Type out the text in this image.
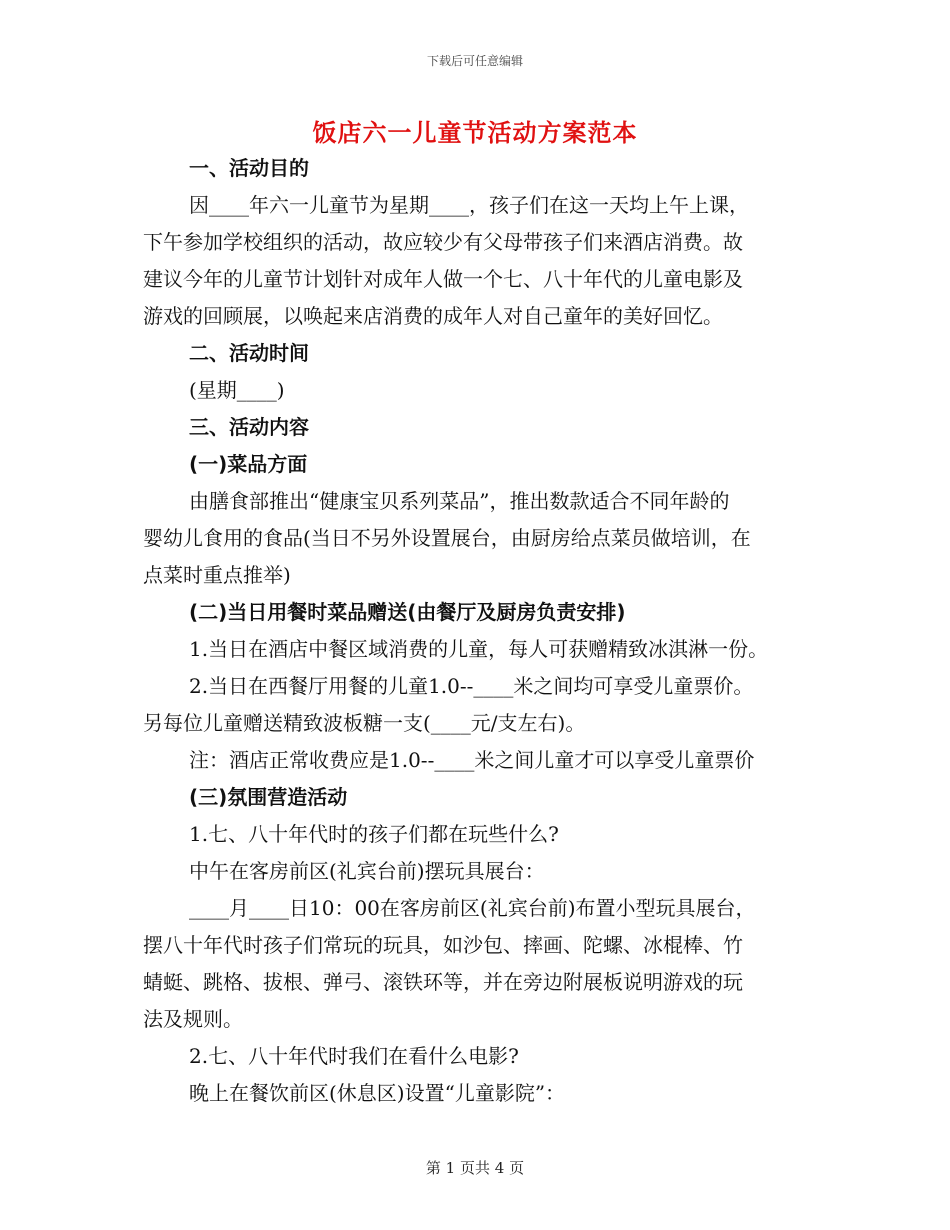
下载后可任意编辑
饭店六一儿童节活动方案范本
一、活动目的
因____年六一儿童节为星期____，孩子们在这一天均上午上课，
下午参加学校组织的活动，故应较少有父母带孩子们来酒店消费。故
建议今年的儿童节计划针对成年人做一个七、八十年代的儿童电影及
游戏的回顾展，以唤起来店消费的成年人对自己童年的美好回忆。
二、活动时间
(星期____)
三、活动内容
(一)菜品方面
由膳食部推出“健康宝贝系列菜品”，推出数款适合不同年龄的
婴幼儿食用的食品(当日不另外设置展台，由厨房给点菜员做培训，在
点菜时重点推举)
(二)当日用餐时菜品赠送(由餐厅及厨房负责安排)
1.当日在酒店中餐区域消费的儿童，每人可获赠精致冰淇淋一份。
2.当日在西餐厅用餐的儿童1.0--____米之间均可享受儿童票价。
另每位儿童赠送精致波板糖一支(____元/支左右)。
注：酒店正常收费应是1.0--____米之间儿童才可以享受儿童票价
(三)氛围营造活动
1.七、八十年代时的孩子们都在玩些什么?
中午在客房前区(礼宾台前)摆玩具展台：
____月____日10：00在客房前区(礼宾台前)布置小型玩具展台，
摆八十年代时孩子们常玩的玩具，如沙包、摔画、陀螺、冰棍棒、竹
蜻蜓、跳格、拔根、弹弓、滚铁环等，并在旁边附展板说明游戏的玩
法及规则。
2.七、八十年代时我们在看什么电影?
晚上在餐饮前区(休息区)设置“儿童影院”：
第 1 页共 4 页
